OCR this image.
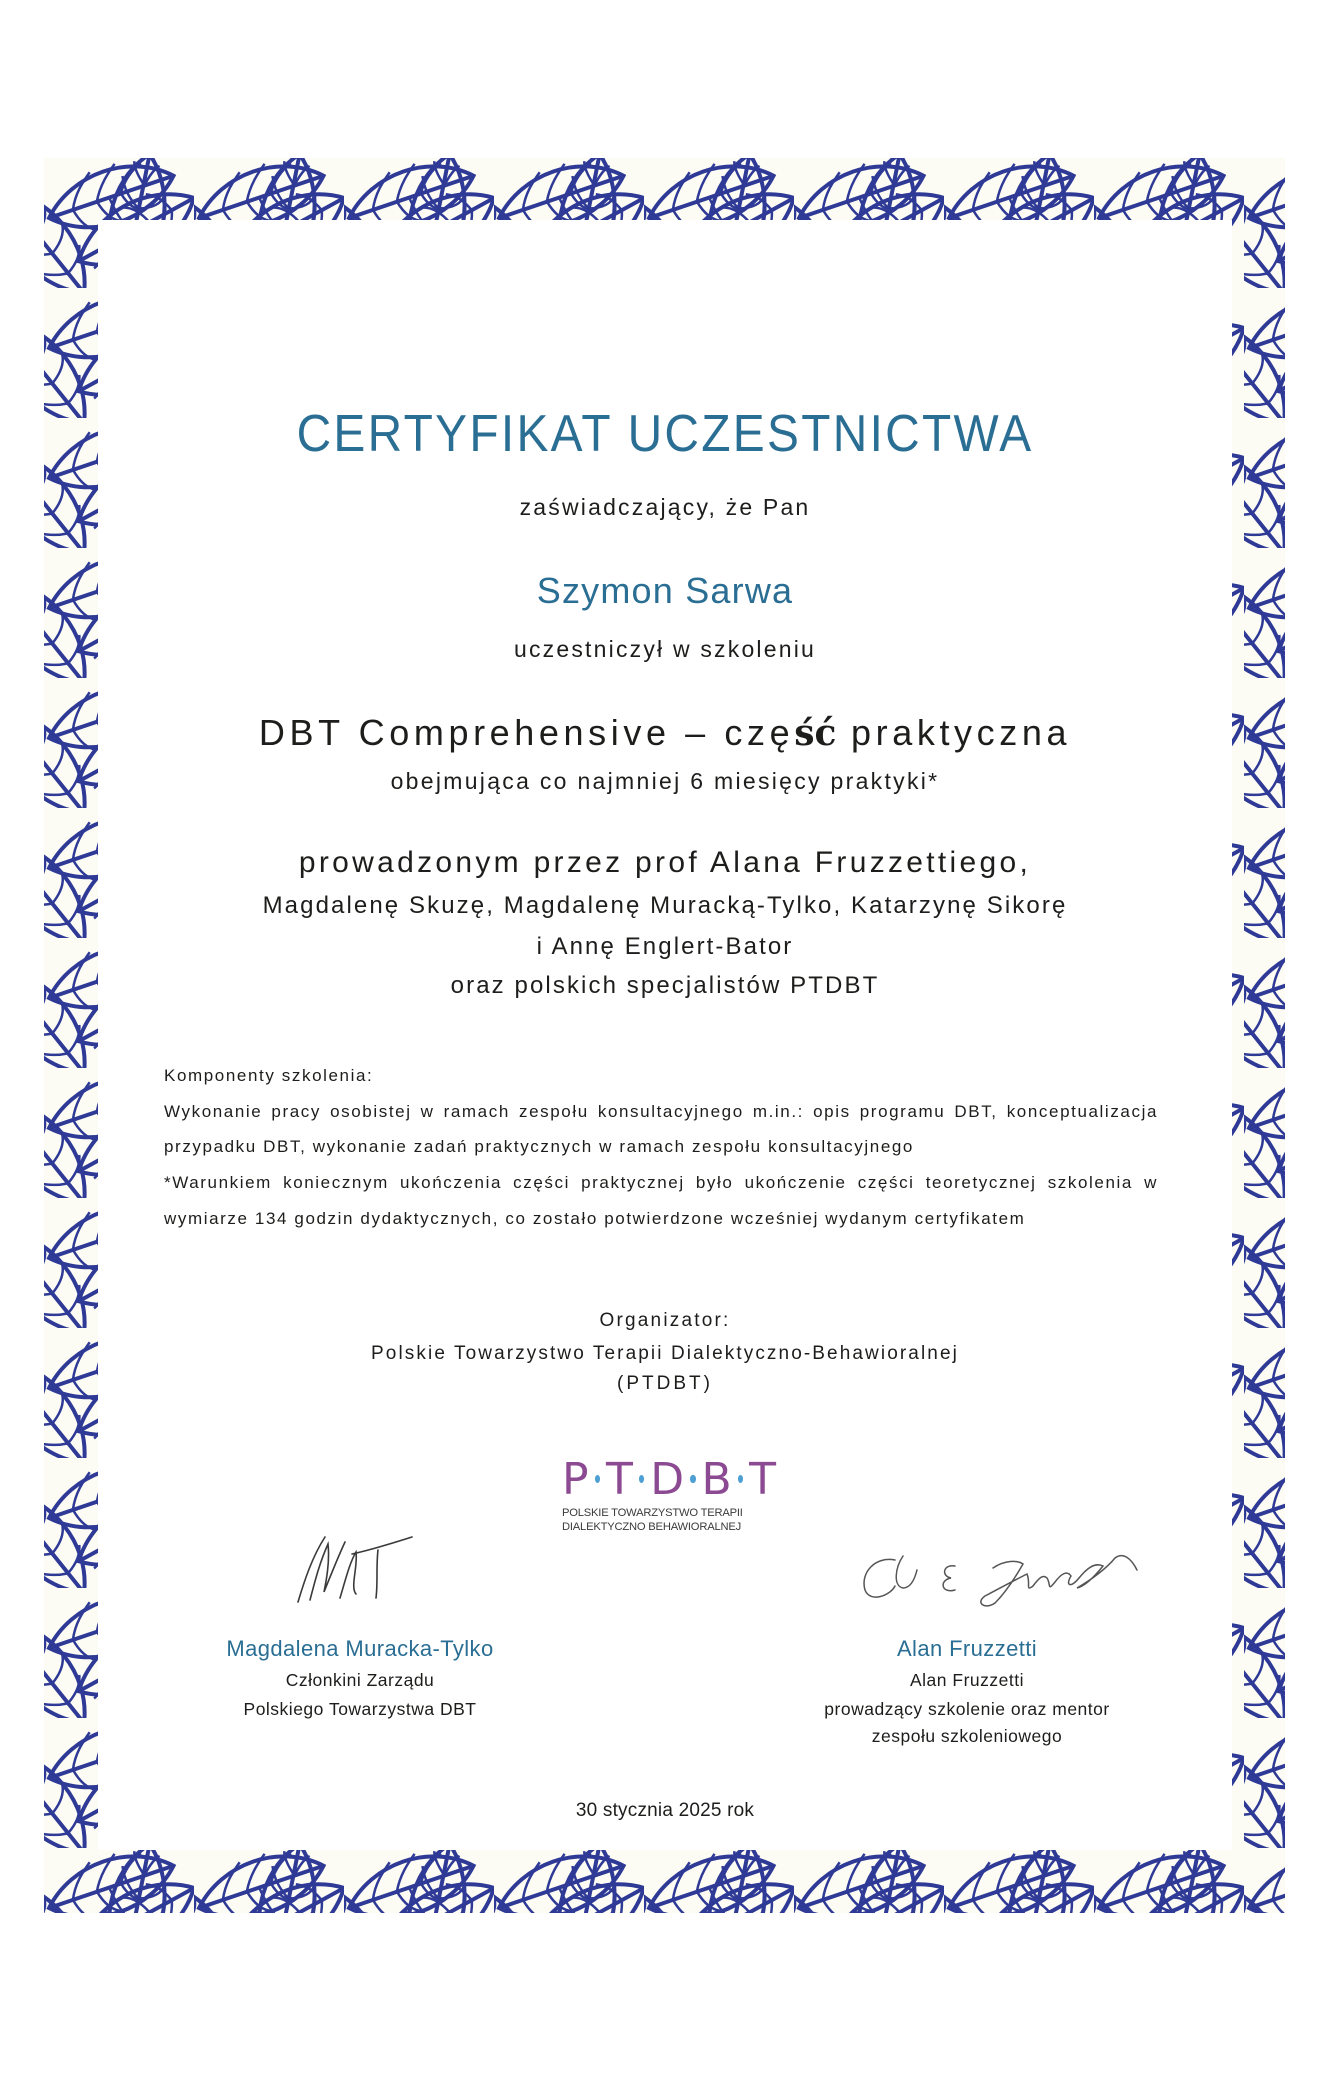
CERTYFIKAT UCZESTNICTWA
zaświadczający, że Pan
Szymon Sarwa
uczestniczył w szkoleniu
DBT Comprehensive – część praktyczna
obejmująca co najmniej 6 miesięcy praktyki*
prowadzonym przez prof Alana Fruzzettiego,
Magdalenę Skuzę, Magdalenę Muracką-Tylko, Katarzynę Sikorę
i Annę Englert-Bator
oraz polskich specjalistów PTDBT

Komponenty szkolenia:

Wykonanie pracy osobistej w ramach zespołu konsultacyjnego m.in.: opis programu DBT, konceptualizacja przypadku DBT, wykonanie zadań praktycznych w ramach zespołu konsultacyjnego

*Warunkiem koniecznym ukończenia części praktycznej było ukończenie części teoretycznej szkolenia w wymiarze 134 godzin dydaktycznych, co zostało potwierdzone wcześniej wydanym certyfikatem

Organizator:
Polskie Towarzystwo Terapii Dialektyczno-Behawioralnej
(PTDBT)
P T D B T
POLSKIE TOWARZYSTWO TERAPII
DIALEKTYCZNO BEHAWIORALNEJ
Magdalena Muracka-Tylko
Członkini Zarządu
Polskiego Towarzystwa DBT
Alan Fruzzetti
Alan Fruzzetti
prowadzący szkolenie oraz mentor
zespołu szkoleniowego
30 stycznia 2025 rok
